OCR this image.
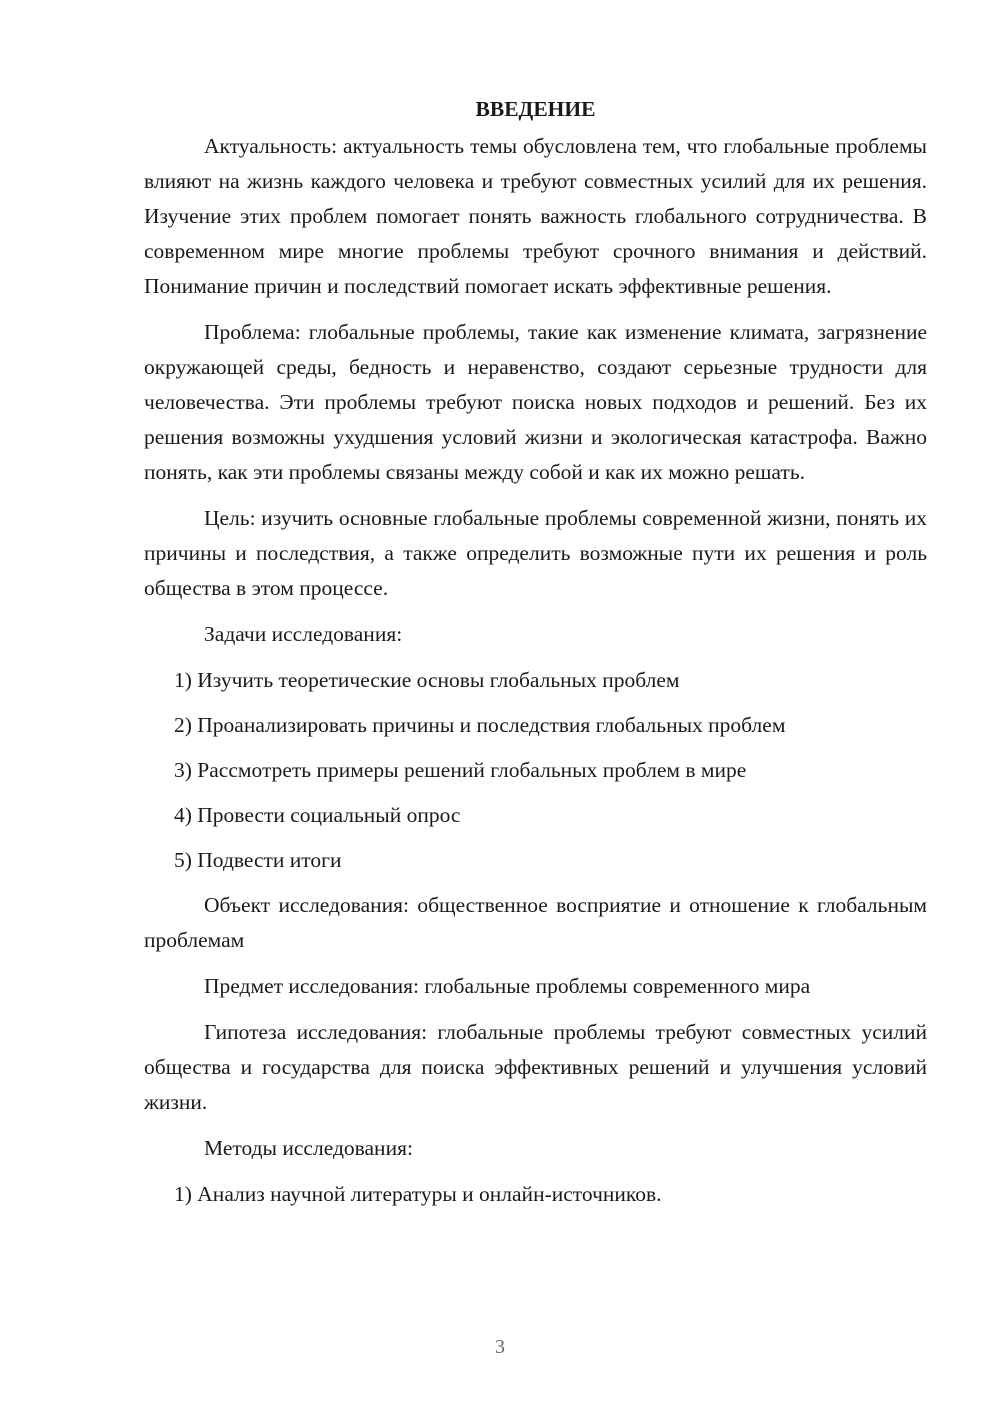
ВВЕДЕНИЕ

Актуальность: актуальность темы обусловлена тем, что глобальные проблемы влияют на жизнь каждого человека и требуют совместных усилий для их решения. Изучение этих проблем помогает понять важность глобального сотрудничества. В современном мире многие проблемы требуют срочного внимания и действий. Понимание причин и последствий помогает искать эффективные решения.

Проблема: глобальные проблемы, такие как изменение климата, загрязнение окружающей среды, бедность и неравенство, создают серьезные трудности для человечества. Эти проблемы требуют поиска новых подходов и решений. Без их решения возможны ухудшения условий жизни и экологическая катастрофа. Важно понять, как эти проблемы связаны между собой и как их можно решать.

Цель: изучить основные глобальные проблемы современной жизни, понять их причины и последствия, а также определить возможные пути их решения и роль общества в этом процессе.

Задачи исследования:

1) Изучить теоретические основы глобальных проблем

2) Проанализировать причины и последствия глобальных проблем

3) Рассмотреть примеры решений глобальных проблем в мире

4) Провести социальный опрос

5) Подвести итоги

Объект исследования: общественное восприятие и отношение к глобальным проблемам

Предмет исследования: глобальные проблемы современного мира

Гипотеза исследования: глобальные проблемы требуют совместных усилий общества и государства для поиска эффективных решений и улучшения условий жизни.

Методы исследования:

1) Анализ научной литературы и онлайн-источников.

3
